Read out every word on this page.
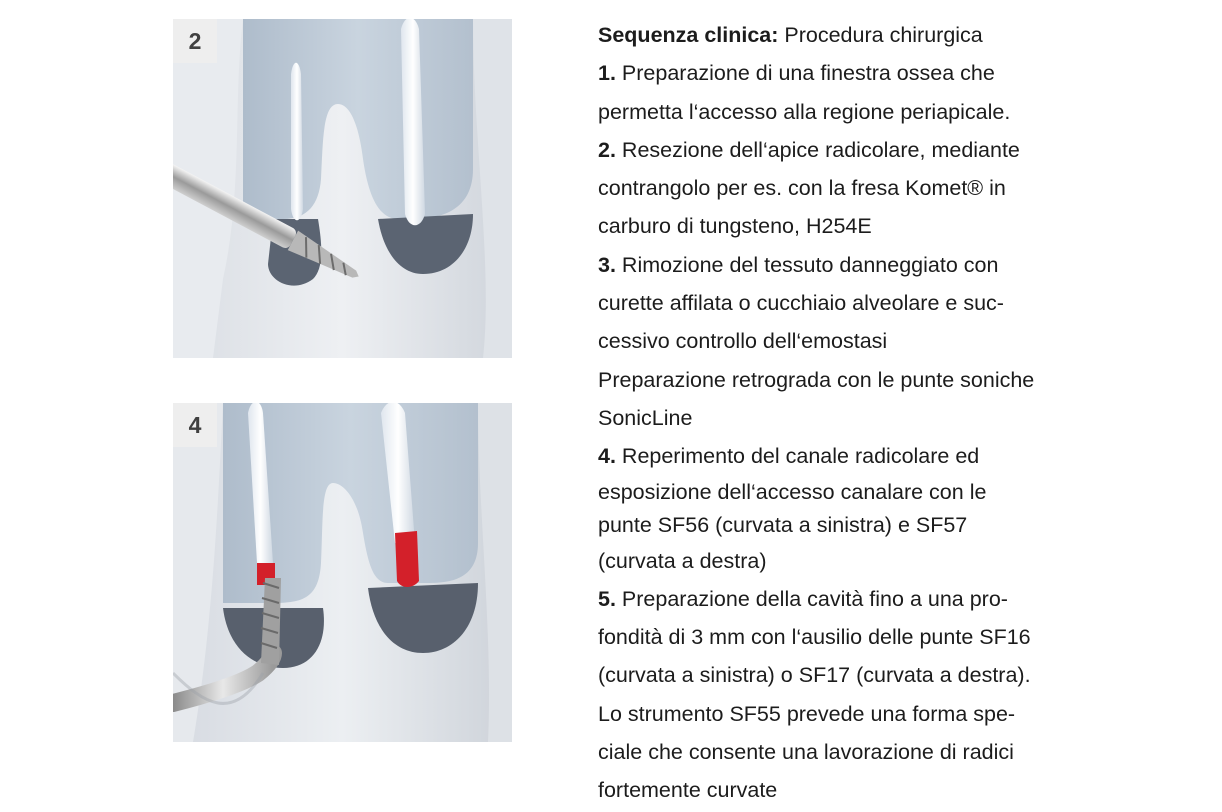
2
4
Sequenza clinica: Procedura chirurgica
1. Preparazione di una finestra ossea che
permetta l‘accesso alla regione periapicale.
2. Resezione dell‘apice radicolare, mediante
contrangolo per es. con la fresa Komet® in
carburo di tungsteno, H254E
3. Rimozione del tessuto danneggiato con
curette affilata o cucchiaio alveolare e suc-
cessivo controllo dell‘emostasi
Preparazione retrograda con le punte soniche
SonicLine
4. Reperimento del canale radicolare ed
esposizione dell‘accesso canalare con le
punte SF56 (curvata a sinistra) e SF57
(curvata a destra)
5. Preparazione della cavità fino a una pro-
fondità di 3 mm con l‘ausilio delle punte SF16
(curvata a sinistra) o SF17 (curvata a destra).
Lo strumento SF55 prevede una forma spe-
ciale che consente una lavorazione di radici
fortemente curvate
